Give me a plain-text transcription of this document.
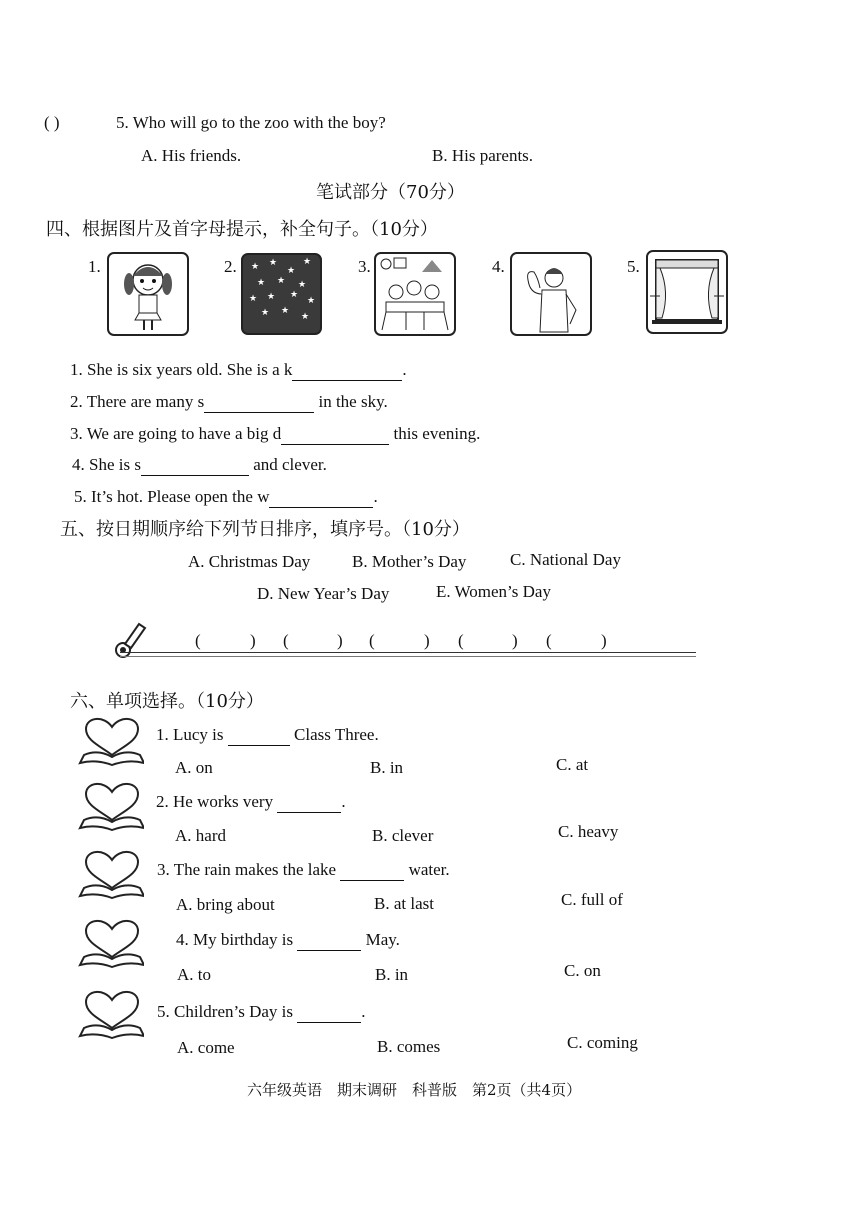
( )	5. Who will go to the zoo with the boy?
A. His friends.	B. His parents.
笔试部分（70分）
四、根据图片及首字母提示，补全句子。（10分）
1.	2. ★ ★
★
★
★ ★ ★
★ ★ ★
★
★ ★
★
3.	4.	5.
1. She is six years old. She is a k	.
2. There are many s	in the sky.
3. We are going to have a big d	this evening.
4. She is s	and clever.
5. It’s hot. Please open the w	.
五、按日期顺序给下列节日排序，填序号。（10分）
A. Christmas Day B. Mother’s Day	C. National Day
D. New Year’s Day	E. Women’s Day
(	) (	) (	) (	) (	)
六、单项选择。（10分）
1. Lucy is	Class Three.
A. on	B. in	C. at
2. He works very	.
A. hard	B. clever	C. heavy
3. The rain makes the lake	water.
A. bring about	B. at last	C. full of
4. My birthday is	May.
A. to	B. in	C. on
5. Children’s Day is	.
A. come	B. comes	C. coming
六年级英语　期末调研　科普版　第2页（共4页）
